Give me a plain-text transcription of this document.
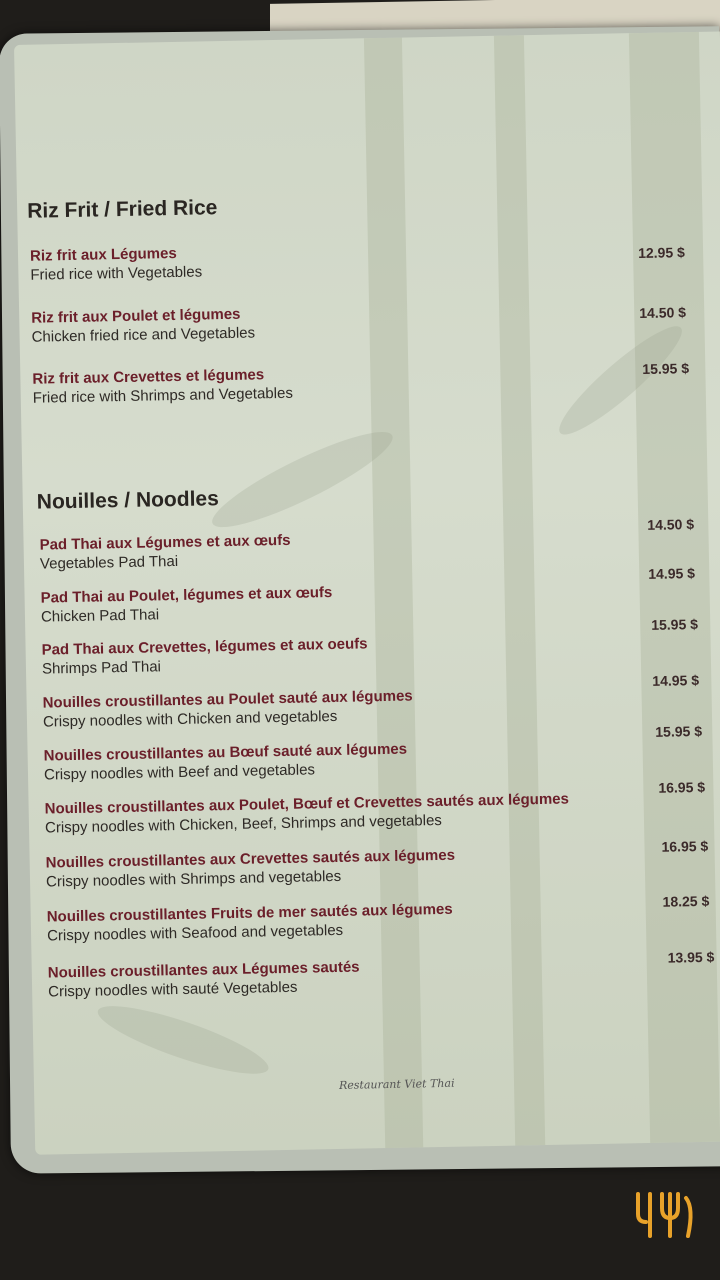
Riz Frit / Fried Rice
Riz frit aux Légumes
Fried rice with Vegetables
12.95 $
Riz frit aux Poulet et légumes
Chicken fried rice and Vegetables
14.50 $
Riz frit aux Crevettes et légumes
Fried rice with Shrimps and Vegetables
15.95 $
Nouilles / Noodles
Pad Thai aux Légumes et aux œufs
Vegetables Pad Thai
14.50 $
Pad Thai au Poulet, légumes et aux œufs
Chicken Pad Thai
14.95 $
Pad Thai aux Crevettes, légumes et aux oeufs
Shrimps Pad Thai
15.95 $
Nouilles croustillantes au Poulet sauté aux légumes
Crispy noodles with Chicken and vegetables
14.95 $
Nouilles croustillantes au Bœuf sauté aux légumes
Crispy noodles with Beef and vegetables
15.95 $
Nouilles croustillantes aux Poulet, Bœuf et Crevettes sautés aux légumes
Crispy noodles with Chicken, Beef, Shrimps and vegetables
16.95 $
Nouilles croustillantes aux Crevettes sautés aux légumes
Crispy noodles with Shrimps and vegetables
16.95 $
Nouilles croustillantes Fruits de mer sautés aux légumes
Crispy noodles with Seafood and vegetables
18.25 $
Nouilles croustillantes aux Légumes sautés
Crispy noodles with sauté Vegetables
13.95 $
Restaurant Viet Thai
